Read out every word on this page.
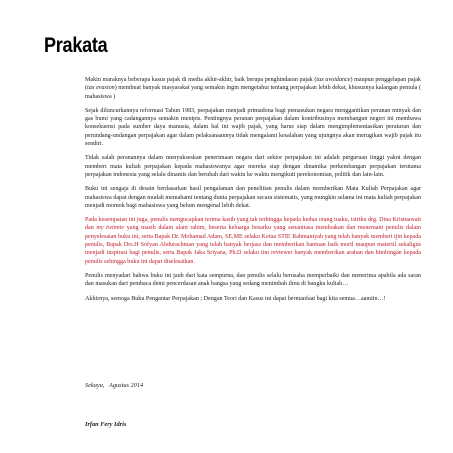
Prakata

Makin maraknya beberapa kasus pajak di media akhir-akhir, baik berupa penghindaran pajak (tax avoidance) maupun penggelapan pajak (tax evasion) membuat banyak masyarakat yang semakin ingin mengetahui tentang perpajakan lebih dekat, khususnya kalangan pemula ( mahasiswa )

Sejak diluncurkannya reformasi Tahun 1983, perpajakan menjadi primadona bagi pemasukan negara menggantikan peranan minyak dan gas bumi yang cadangannya semakin menipis. Pentingnya peranan perpajakan dalam kontribusinya membangun negeri ini membawa konsekuensi pada sumber daya manusia, dalam hal ini wajib pajak, yang harus siap dalam mengimplementasikan peraturan dan perundang-undangan perpajakan agar dalam pelaksanaannya tidak mengalami kesalahan yang ujungnya akan merugikan wajib pajak itu sendiri.

Tidak salah peranannya dalam menyukseskan penerimaan negara dari sektor perpajakan ini adalah perguruan tinggi yakni dengan memberi mata kuliah perpajakan kepada mahasiswanya agar mereka siap dengan dinamika perkembangan perpajakan terutama perpajakan indonesia yang selalu dinamis dan berubah dari waktu ke waktu mengikuti perekonomian, politik dan lain-lain.

Buku ini sengaja di desain berdasarkan hasil pengalaman dan penelitian penulis dalam memberikan Mata Kuliah Perpajakan agar mahasiswa dapat dengan mudah memahami tentang dunia perpajakan secara sistematis, yang mungkin selama ini mata kuliah perpajakan menjadi momok bagi mahasiswa yang belum mengenal lebih dekat.

Pada kesempatan ini juga, penulis mengucapkan terima kasih yang tak terhingga kepada kedua orang tuaku, istriku drg. Dina Kristnawati dan my twinnie yang masih dalam alam rahim, beserta keluarga besarku yang senantiasa mendoakan dan menemani penulis dalam penyelesaian buku ini, serta Bapak Dr. Mohamad Adam, SE,ME selaku Ketua STIE Rahmaniyah yang telah banyak memberi ijin kepada penulis, Bapak Drs.H Sofyan Abdurachman yang telah banyak berjasa dan memberikan bantuan baik moril maupun materiil sekaligus menjadi inspirasi bagi penulis, serta Bapak Jaka Sriyana, Ph.D selaku tim reviewer banyak memberikan arahan dan bimbingan kepada penulis sehingga buku ini dapat diselesaikan.

Penulis menyadari bahwa buku ini jauh dari kata sempurna, dan penulis selalu berusaha memperbaiki dan menerima apabila ada saran dan masukan dari pembaca demi pencerdasan anak bangsa yang sedang menimbah ilmu di bangku kuliah…

Akhirnya, semoga Buku Pengantar Perpajakan ; Dengan Teori dan Kasus ini dapat bermanfaat bagi kita semua…aamiin…!

Sekayu,   Agustus 2014
Irfan Fery Idris
